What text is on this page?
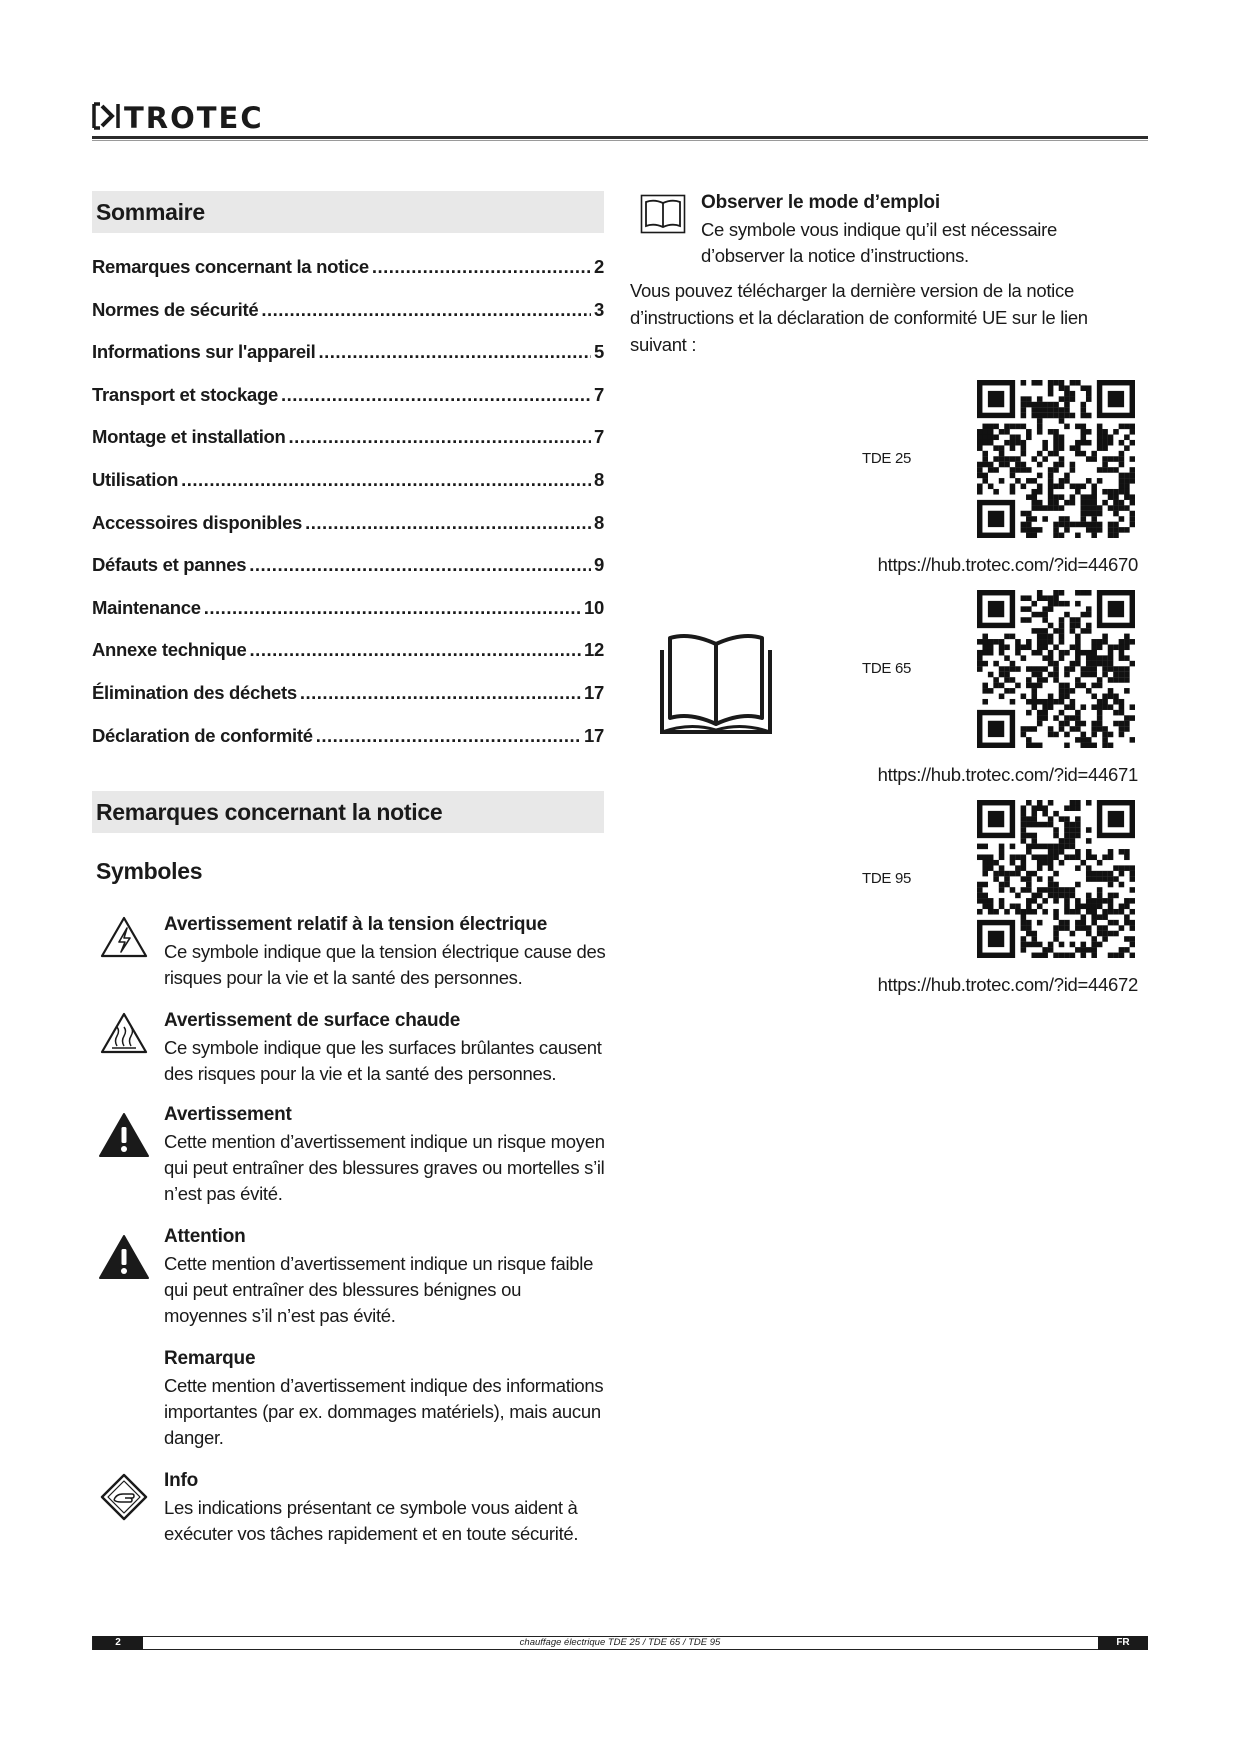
TROTEC
Sommaire
Remarques concernant la notice .....	2
Normes de sécurité .....	3
Informations sur l'appareil .....	5
Transport et stockage .....	7
Montage et installation .....	7
Utilisation .....	8
Accessoires disponibles .....	8
Défauts et pannes .....	9
Maintenance .....	10
Annexe technique .....	12
Élimination des déchets .....	17
Déclaration de conformité .....	17
Remarques concernant la notice
Symboles
Avertissement relatif à la tension électrique
Ce symbole indique que la tension électrique cause des risques pour la vie et la santé des personnes.
Avertissement de surface chaude
Ce symbole indique que les surfaces brûlantes causent des risques pour la vie et la santé des personnes.
Avertissement
Cette mention d’avertissement indique un risque moyen qui peut entraîner des blessures graves ou mortelles s’il n’est pas évité.
Attention
Cette mention d’avertissement indique un risque faible qui peut entraîner des blessures bénignes ou moyennes s’il n’est pas évité.
Remarque
Cette mention d’avertissement indique des informations importantes (par ex. dommages matériels), mais aucun danger.
Info
Les indications présentant ce symbole vous aident à exécuter vos tâches rapidement et en toute sécurité.
Observer le mode d’emploi
Ce symbole vous indique qu’il est nécessaire d’observer la notice d’instructions.
Vous pouvez télécharger la dernière version de la notice d’instructions et la déclaration de conformité UE sur le lien suivant :
TDE 25
https://hub.trotec.com/?id=44670
TDE 65
https://hub.trotec.com/?id=44671
TDE 95
https://hub.trotec.com/?id=44672
2	chauffage électrique TDE 25 / TDE 65 / TDE 95	FR
